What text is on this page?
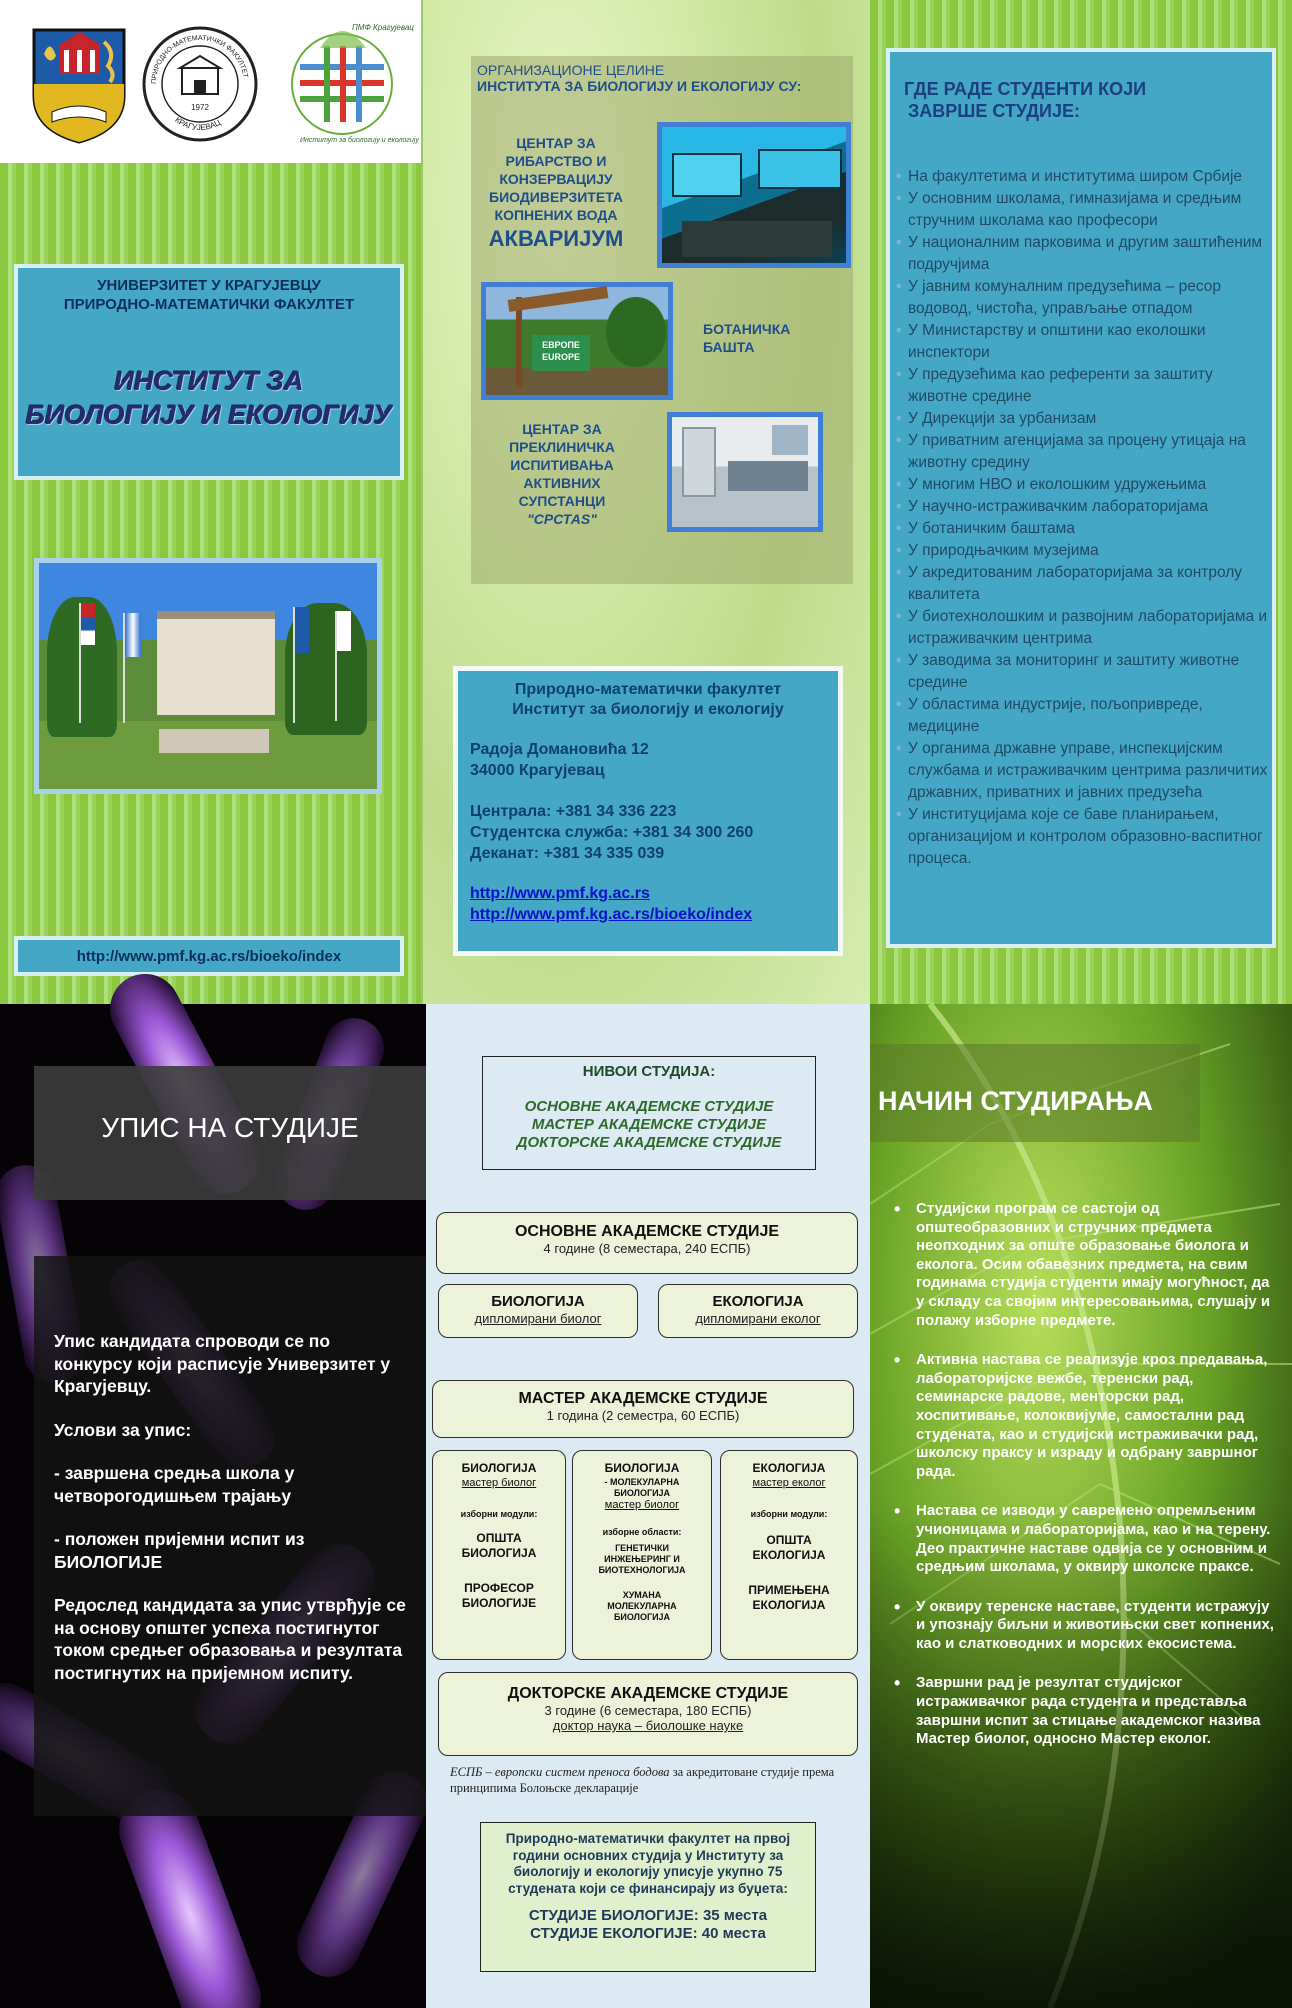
1972
ПРИРОДНО-МАТЕМАТИЧКИ ФАКУЛТЕТ
КРАГУЈЕВАЦ
ПМФ Крагујевац
Институт за биологију и екологију
УНИВЕРЗИТЕТ У КРАГУЈЕВЦУ
ПРИРОДНО-МАТЕМАТИЧКИ ФАКУЛТЕТ
ИНСТИТУТ ЗА
БИОЛОГИЈУ И ЕКОЛОГИЈУ
http://www.pmf.kg.ac.rs/bioeko/index
ОРГАНИЗАЦИОНЕ ЦЕЛИНЕ
ИНСТИТУТА ЗА БИОЛОГИЈУ И ЕКОЛОГИЈУ СУ:
ЦЕНТАР ЗА
РИБАРСТВО И
КОНЗЕРВАЦИЈУ
БИОДИВЕРЗИТЕТА
КОПНЕНИХ ВОДА
АКВАРИЈУМ
ЕВРОПЕ
EUROPE
БОТАНИЧКА
БАШТА
ЦЕНТАР ЗА
ПРЕКЛИНИЧКА
ИСПИТИВАЊА
АКТИВНИХ
СУПСТАНЦИ
"СРСТАS"
Природно-математички факултет
Институт за биологију и екологију
Радоја Домановића 12
34000 Крагујевац
Централа: +381 34 336 223
Студентска служба: +381 34 300 260
Деканат: +381 34 335 039
http://www.pmf.kg.ac.rs
http://www.pmf.kg.ac.rs/bioeko/index
ГДЕ РАДЕ СТУДЕНТИ КОЈИ
ЗАВРШЕ СТУДИЈЕ:
• На факултетима и институтима широм Србије
• У основним школама, гимназијама и средњим стручним школама као професори
• У националним парковима и другим заштићеним подручјима
• У јавним комуналним предузећима – ресор водовод, чистоћа, управљање отпадом
• У Министарству и општини као еколошки инспектори
• У предузећима као референти за заштиту животне средине
• У Дирекцији за урбанизам
• У приватним агенцијама за процену утицаја на животну средину
• У многим НВО и еколошким удружењима
• У научно-истраживачким лабораторијама
• У ботаничким баштама
• У природњачким музејима
• У акредитованим лабораторијама за контролу квалитета
• У биотехнолошким и развојним лабораторијама и истраживачким центрима
• У заводима за мониторинг и заштиту животне средине
• У областима индустрије, пољопривреде, медицине
• У органима државне управе, инспекцијским службама и истраживачким центрима различитих државних, приватних и јавних предузећа
• У институцијама које се баве планирањем, организацијом и контролом образовно-васпитног процеса.
УПИС НА СТУДИЈЕ

Упис кандидата спроводи се по конкурсу који расписује Универзитет у Крагујевцу.

Услови за упис:

- завршена средња школа у четворогодишњем трајању

- положен пријемни испит из БИОЛОГИЈЕ

Редослед кандидата за упис утврђује се на основу општег успеха постигнутог током средњег образовања и резултата постигнутих на пријемном испиту.

НИВОИ СТУДИЈА:
ОСНОВНЕ АКАДЕМСКЕ СТУДИЈЕ
МАСТЕР АКАДЕМСКЕ СТУДИЈЕ
ДОКТОРСКЕ АКАДЕМСКЕ СТУДИЈЕ
ОСНОВНЕ АКАДЕМСКЕ СТУДИЈЕ
4 године (8 семестара, 240 ЕСПБ)
БИОЛОГИЈА
дипломирани биолог
ЕКОЛОГИЈА
дипломирани еколог
МАСТЕР АКАДЕМСКЕ СТУДИЈЕ
1 година (2 семестра, 60 ЕСПБ)
БИОЛОГИЈА
мастер биолог
изборни модули:
ОПШТА БИОЛОГИЈА
ПРОФЕСОР БИОЛОГИЈЕ
БИОЛОГИЈА
- МОЛЕКУЛАРНА БИОЛОГИЈА
мастер биолог
изборне области:
ГЕНЕТИЧКИ ИНЖЕЊЕРИНГ И БИОТЕХНОЛОГИЈА
ХУМАНА МОЛЕКУЛАРНА БИОЛОГИЈА
ЕКОЛОГИЈА
мастер еколог
изборни модули:
ОПШТА ЕКОЛОГИЈА
ПРИМЕЊЕНА ЕКОЛОГИЈА
ДОКТОРСКЕ АКАДЕМСКЕ СТУДИЈЕ
3 године (6 семестара, 180 ЕСПБ)
доктор наука – биолошке науке
ЕСПБ – европски систем преноса бодова за акредитоване студије према принципима Болоњске декларације
Природно-математички факултет на првој години основних студија у Институту за биологију и екологију уписује укупно 75 студената који се финансирају из буџета:
СТУДИЈЕ БИОЛОГИЈЕ: 35 места
СТУДИЈЕ ЕКОЛОГИЈЕ: 40 места
НАЧИН СТУДИРАЊА
• Студијски програм се састоји од општеобразовних и стручних предмета неопходних за опште образовање биолога и еколога. Осим обавезних предмета, на свим годинама студија студенти имају могућност, да у складу са својим интересовањима, слушају и полажу изборне предмете.
• Активна настава се реализује кроз предавања, лабораторијске вежбе, теренски рад, семинарске радове, менторски рад, хоспитивање, колоквијуме, самостални рад студената, као и студијски истраживачки рад, школску праксу и израду и одбрану завршног рада.
• Настава се изводи у савремено опремљеним учионицама и лабораторијама, као и на терену.
Део практичне наставе одвија се у основним и средњим школама, у оквиру школске праксе.
• У оквиру теренске наставе, студенти истражују и упознају биљни и животињски свет копнених, као и слатководних и морских екосистема.
• Завршни рад је резултат студијског истраживачког рада студента и представља завршни испит за стицање академског назива Мастер биолог, односно Мастер еколог.
